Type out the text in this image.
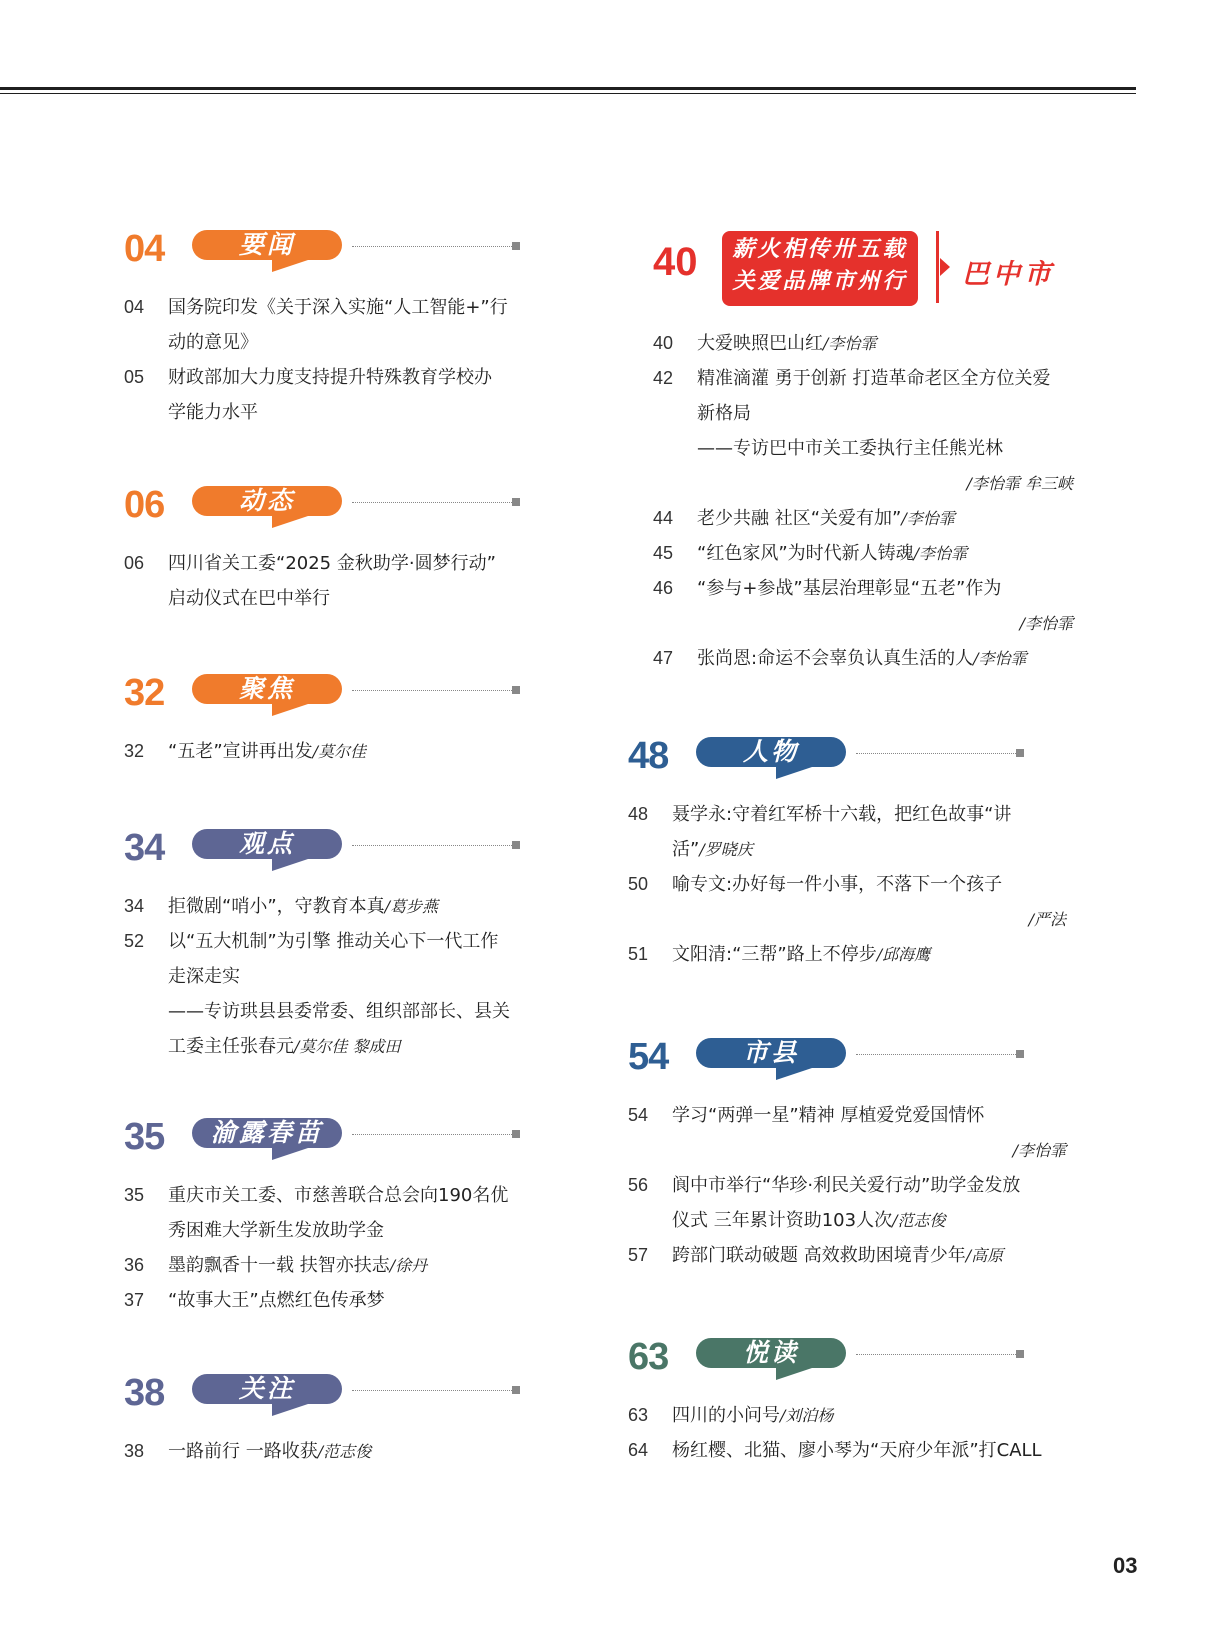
04	要闻
04	国务院印发《关于深入实施“人工智能+”行
动的意见》
05	财政部加大力度支持提升特殊教育学校办
学能力水平
06	动态
06	四川省关工委“2025 金秋助学·圆梦行动”
启动仪式在巴中举行
32	聚焦
32	“五老”宣讲再出发/莫尔佳
34	观点
34	拒微剧“哨小”，守教育本真/葛步燕
52	以“五大机制”为引擎 推动关心下一代工作
走深走实
——专访珙县县委常委、组织部部长、县关
工委主任张春元/莫尔佳 黎成田
35	渝露春苗
35	重庆市关工委、市慈善联合总会向190名优
秀困难大学新生发放助学金
36	墨韵飘香十一载 扶智亦扶志/徐丹
37	“故事大王”点燃红色传承梦
38	关注
38	一路前行 一路收获/范志俊
40	薪火相传卅五载
关爱品牌市州行	巴中市
40	大爱映照巴山红/李怡霏
42	精准滴灌 勇于创新 打造革命老区全方位关爱
新格局
——专访巴中市关工委执行主任熊光林
/李怡霏 牟三峡
44	老少共融 社区“关爱有加”/李怡霏
45	“红色家风”为时代新人铸魂/李怡霏
46	“参与+参战”基层治理彰显“五老”作为
/李怡霏
47	张尚恩:命运不会辜负认真生活的人/李怡霏
48	人物
48	聂学永:守着红军桥十六载，把红色故事“讲
活”/罗晓庆
50	喻专文:办好每一件小事，不落下一个孩子
/严法
51	文阳清:“三帮”路上不停步/邱海鹰
54	市县
54	学习“两弹一星”精神 厚植爱党爱国情怀
/李怡霏
56	阆中市举行“华珍·利民关爱行动”助学金发放
仪式 三年累计资助103人次/范志俊
57	跨部门联动破题 高效救助困境青少年/高原
63	悦读
63	四川的小问号/刘泊杨
64	杨红樱、北猫、廖小琴为“天府少年派”打CALL
03
